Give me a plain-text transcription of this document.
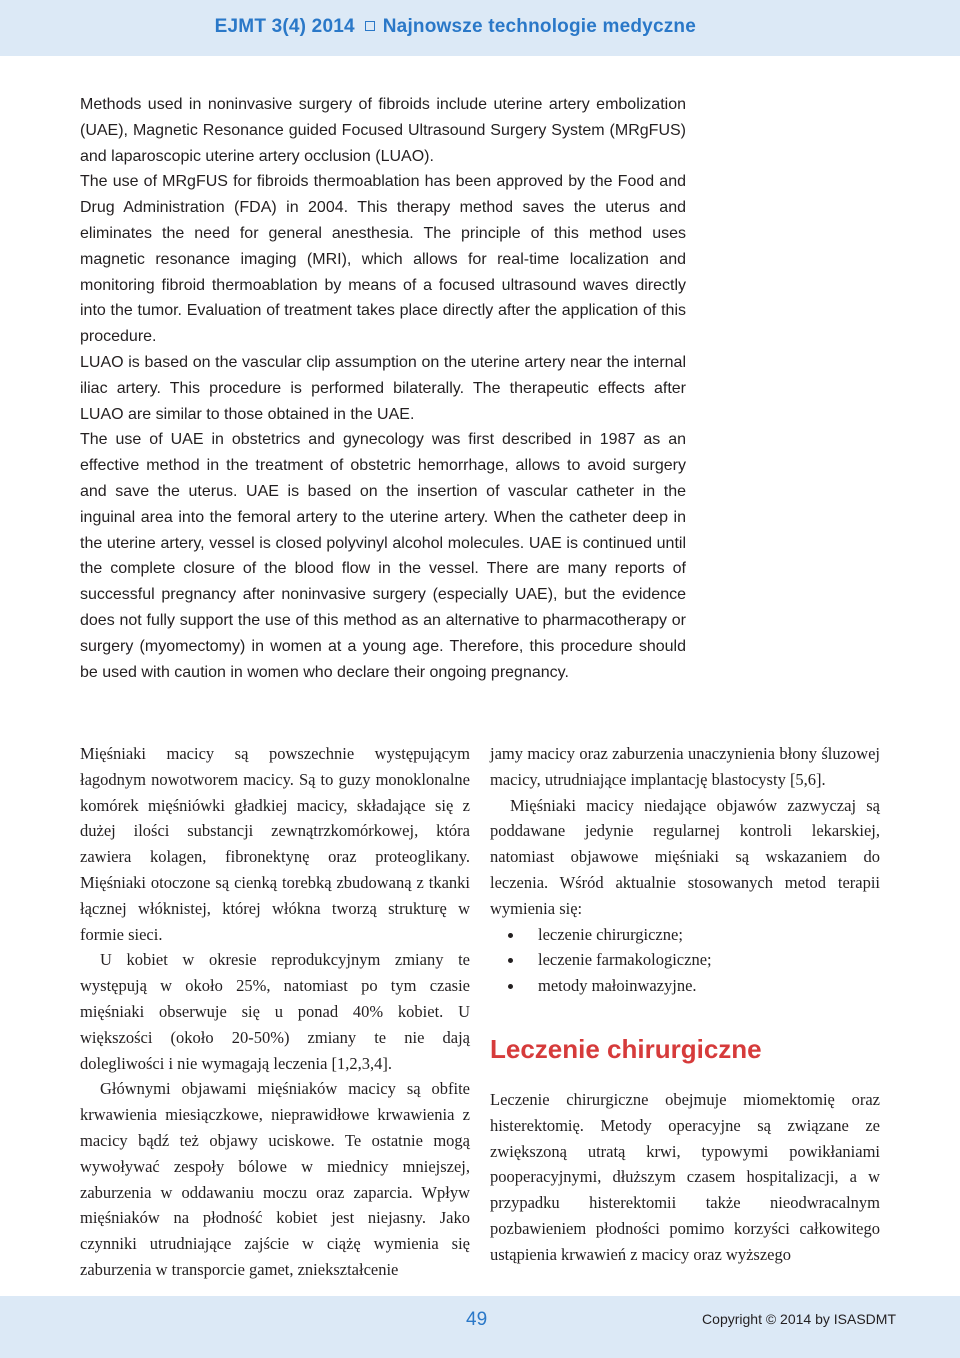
EJMT 3(4) 2014 Najnowsze technologie medyczne

Methods used in noninvasive surgery of fibroids include uterine artery embolization (UAE), Magnetic Resonance guided Focused Ultrasound Surgery System (MRgFUS) and laparoscopic uterine artery occlusion (LUAO).

The use of MRgFUS for fibroids thermoablation has been approved by the Food and Drug Administration (FDA) in 2004. This therapy method saves the uterus and eliminates the need for general anesthesia. The principle of this method uses magnetic resonance imaging (MRI), which allows for real-time localization and monitoring fibroid thermoablation by means of a focused ultrasound waves directly into the tumor. Evaluation of treatment takes place directly after the application of this procedure.

LUAO is based on the vascular clip assumption on the uterine artery near the internal iliac artery. This procedure is performed bilaterally. The therapeutic effects after LUAO are similar to those obtained in the UAE.

The use of UAE in obstetrics and gynecology was first described in 1987 as an effective method in the treatment of obstetric hemorrhage, allows to avoid surgery and save the uterus. UAE is based on the insertion of vascular catheter in the inguinal area into the femoral artery to the uterine artery. When the catheter deep in the uterine artery, vessel is closed polyvinyl alcohol molecules. UAE is continued until the complete closure of the blood flow in the vessel. There are many reports of successful pregnancy after noninvasive surgery (especially UAE), but the evidence does not fully support the use of this method as an alternative to pharmacotherapy or surgery (myomectomy) in women at a young age. Therefore, this procedure should be used with caution in women who declare their ongoing pregnancy.

Mięśniaki macicy są powszechnie występującym łagodnym nowotworem macicy. Są to guzy monoklonalne komórek mięśniówki gładkiej macicy, składające się z dużej ilości substancji zewnątrzkomórkowej, która zawiera kolagen, fibronektynę oraz proteoglikany. Mięśniaki otoczone są cienką torebką zbudowaną z tkanki łącznej włóknistej, której włókna tworzą strukturę w formie sieci.

U kobiet w okresie reprodukcyjnym zmiany te występują w około 25%, natomiast po tym czasie mięśniaki obserwuje się u ponad 40% kobiet. U większości (około 20-50%) zmiany te nie dają dolegliwości i nie wymagają leczenia [1,2,3,4].

Głównymi objawami mięśniaków macicy są obfite krwawienia miesiączkowe, nieprawidłowe krwawienia z macicy bądź też objawy uciskowe. Te ostatnie mogą wywoływać zespoły bólowe w miednicy mniejszej, zaburzenia w oddawaniu moczu oraz zaparcia. Wpływ mięśniaków na płodność kobiet jest niejasny. Jako czynniki utrudniające zajście w ciążę wymienia się zaburzenia w transporcie gamet, zniekształcenie

jamy macicy oraz zaburzenia unaczynienia błony śluzowej macicy, utrudniające implantację blastocysty [5,6].

Mięśniaki macicy niedające objawów zazwyczaj są poddawane jedynie regularnej kontroli lekarskiej, natomiast objawowe mięśniaki są wskazaniem do leczenia. Wśród aktualnie stosowanych metod terapii wymienia się:

leczenie chirurgiczne;
leczenie farmakologiczne;
metody małoinwazyjne.
Leczenie chirurgiczne

Leczenie chirurgiczne obejmuje miomektomię oraz histerektomię. Metody operacyjne są związane ze zwiększoną utratą krwi, typowymi powikłaniami pooperacyjnymi, dłuższym czasem hospitalizacji, a w przypadku histerektomii także nieodwracalnym pozbawieniem płodności pomimo korzyści całkowitego ustąpienia krwawień z macicy oraz wyższego

49	Copyright © 2014 by ISASDMT
